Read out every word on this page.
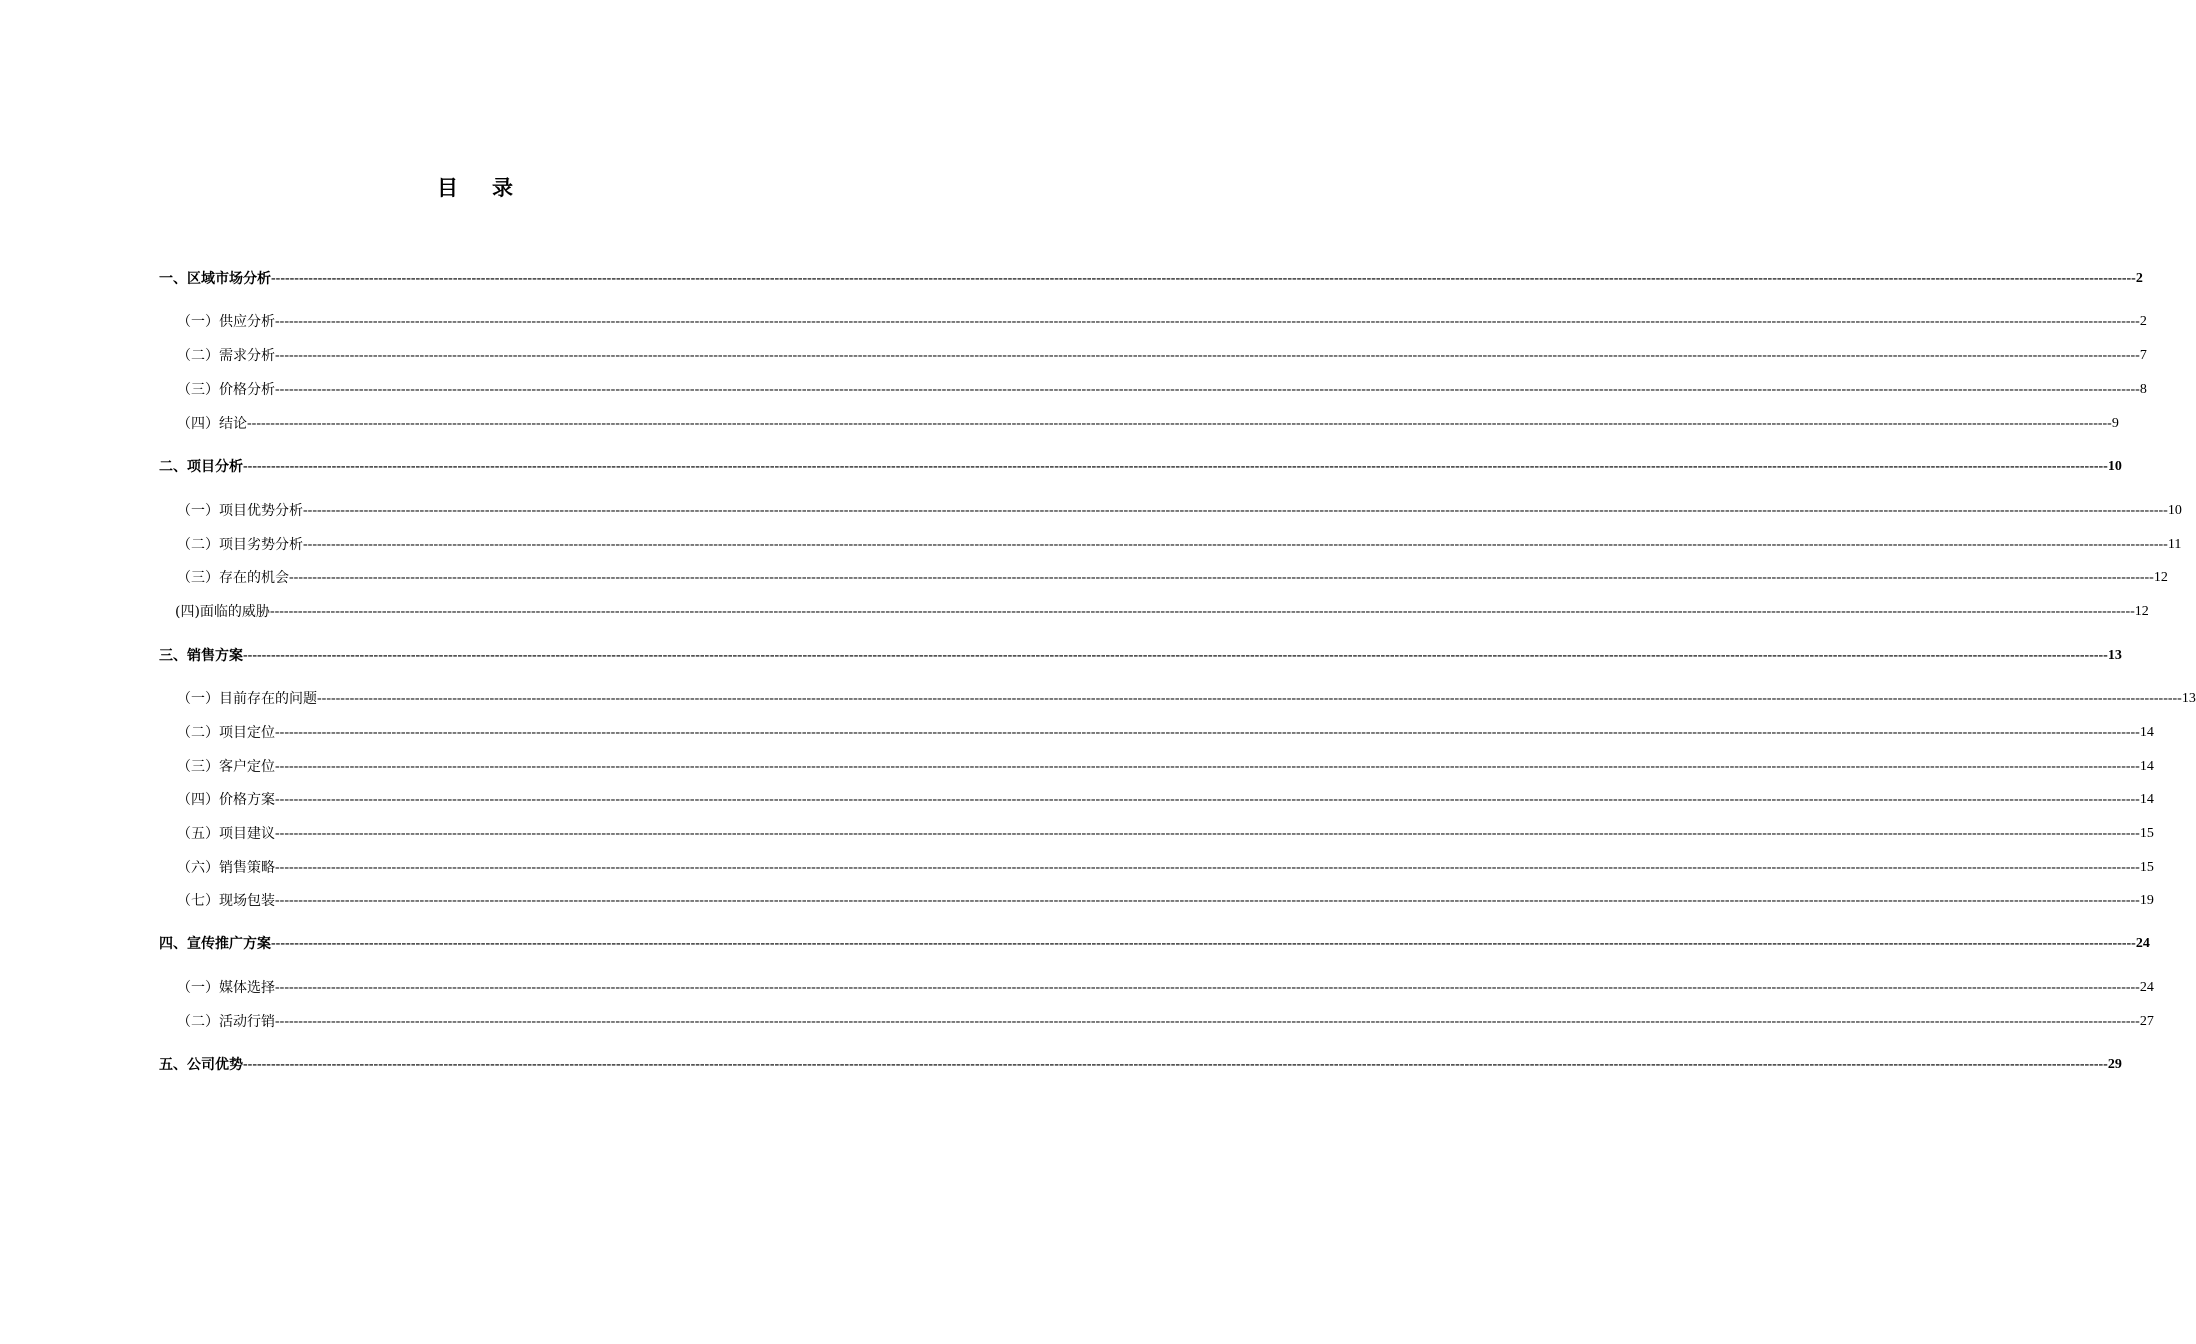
目 录
一、区域市场分析 ---------------------------------------------------------------------------------------------------------------------------------------------------------------------------------------------------------------------------------------------------------------------------------------------------------------------------------------------------------------------------------------------------------------- 2
（一）供应分析 ---------------------------------------------------------------------------------------------------------------------------------------------------------------------------------------------------------------------------------------------------------------------------------------------------------------------------------------------------------------------------------------------------------------- 2
（二）需求分析 ---------------------------------------------------------------------------------------------------------------------------------------------------------------------------------------------------------------------------------------------------------------------------------------------------------------------------------------------------------------------------------------------------------------- 7
（三）价格分析 ---------------------------------------------------------------------------------------------------------------------------------------------------------------------------------------------------------------------------------------------------------------------------------------------------------------------------------------------------------------------------------------------------------------- 8
（四）结论 ---------------------------------------------------------------------------------------------------------------------------------------------------------------------------------------------------------------------------------------------------------------------------------------------------------------------------------------------------------------------------------------------------------------- 9
二、项目分析 ---------------------------------------------------------------------------------------------------------------------------------------------------------------------------------------------------------------------------------------------------------------------------------------------------------------------------------------------------------------------------------------------------------------- 10
（一）项目优势分析 ---------------------------------------------------------------------------------------------------------------------------------------------------------------------------------------------------------------------------------------------------------------------------------------------------------------------------------------------------------------------------------------------------------------- 10
（二）项目劣势分析 ---------------------------------------------------------------------------------------------------------------------------------------------------------------------------------------------------------------------------------------------------------------------------------------------------------------------------------------------------------------------------------------------------------------- 11
（三）存在的机会 ---------------------------------------------------------------------------------------------------------------------------------------------------------------------------------------------------------------------------------------------------------------------------------------------------------------------------------------------------------------------------------------------------------------- 12
(四)面临的威胁 ---------------------------------------------------------------------------------------------------------------------------------------------------------------------------------------------------------------------------------------------------------------------------------------------------------------------------------------------------------------------------------------------------------------- 12
三、销售方案 ---------------------------------------------------------------------------------------------------------------------------------------------------------------------------------------------------------------------------------------------------------------------------------------------------------------------------------------------------------------------------------------------------------------- 13
（一）目前存在的问题 ---------------------------------------------------------------------------------------------------------------------------------------------------------------------------------------------------------------------------------------------------------------------------------------------------------------------------------------------------------------------------------------------------------------- 13
（二）项目定位 ---------------------------------------------------------------------------------------------------------------------------------------------------------------------------------------------------------------------------------------------------------------------------------------------------------------------------------------------------------------------------------------------------------------- 14
（三）客户定位 ---------------------------------------------------------------------------------------------------------------------------------------------------------------------------------------------------------------------------------------------------------------------------------------------------------------------------------------------------------------------------------------------------------------- 14
（四）价格方案 ---------------------------------------------------------------------------------------------------------------------------------------------------------------------------------------------------------------------------------------------------------------------------------------------------------------------------------------------------------------------------------------------------------------- 14
（五）项目建议 ---------------------------------------------------------------------------------------------------------------------------------------------------------------------------------------------------------------------------------------------------------------------------------------------------------------------------------------------------------------------------------------------------------------- 15
（六）销售策略 ---------------------------------------------------------------------------------------------------------------------------------------------------------------------------------------------------------------------------------------------------------------------------------------------------------------------------------------------------------------------------------------------------------------- 15
（七）现场包装 ---------------------------------------------------------------------------------------------------------------------------------------------------------------------------------------------------------------------------------------------------------------------------------------------------------------------------------------------------------------------------------------------------------------- 19
四、宣传推广方案 ---------------------------------------------------------------------------------------------------------------------------------------------------------------------------------------------------------------------------------------------------------------------------------------------------------------------------------------------------------------------------------------------------------------- 24
（一）媒体选择 ---------------------------------------------------------------------------------------------------------------------------------------------------------------------------------------------------------------------------------------------------------------------------------------------------------------------------------------------------------------------------------------------------------------- 24
（二）活动行销 ---------------------------------------------------------------------------------------------------------------------------------------------------------------------------------------------------------------------------------------------------------------------------------------------------------------------------------------------------------------------------------------------------------------- 27
五、公司优势 ---------------------------------------------------------------------------------------------------------------------------------------------------------------------------------------------------------------------------------------------------------------------------------------------------------------------------------------------------------------------------------------------------------------- 29
